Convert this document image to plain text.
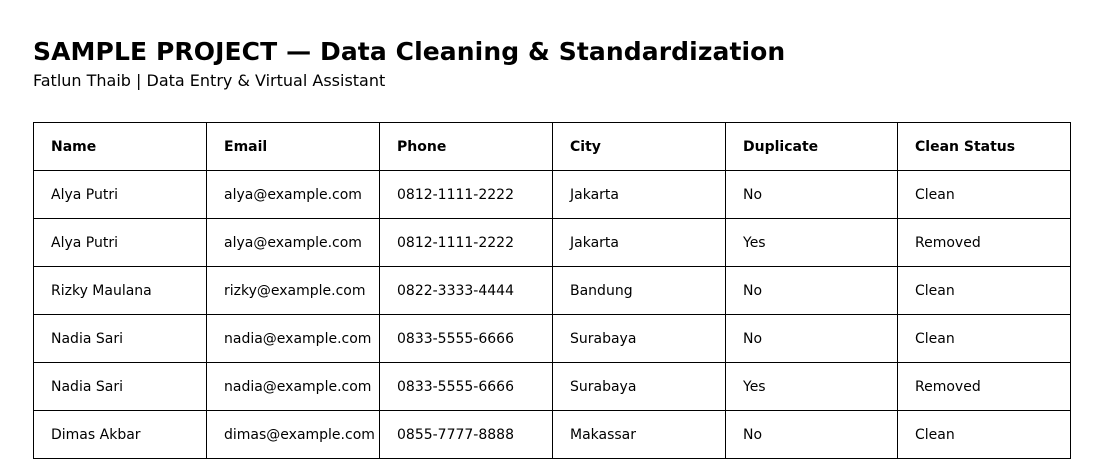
SAMPLE PROJECT — Data Cleaning & Standardization

Fatlun Thaib | Data Entry & Virtual Assistant

Name	Email	Phone	City	Duplicate	Clean Status
Alya Putri	alya@example.com	0812-1111-2222	Jakarta	No	Clean
Alya Putri	alya@example.com	0812-1111-2222	Jakarta	Yes	Removed
Rizky Maulana	rizky@example.com	0822-3333-4444	Bandung	No	Clean
Nadia Sari	nadia@example.com	0833-5555-6666	Surabaya	No	Clean
Nadia Sari	nadia@example.com	0833-5555-6666	Surabaya	Yes	Removed
Dimas Akbar	dimas@example.com	0855-7777-8888	Makassar	No	Clean
